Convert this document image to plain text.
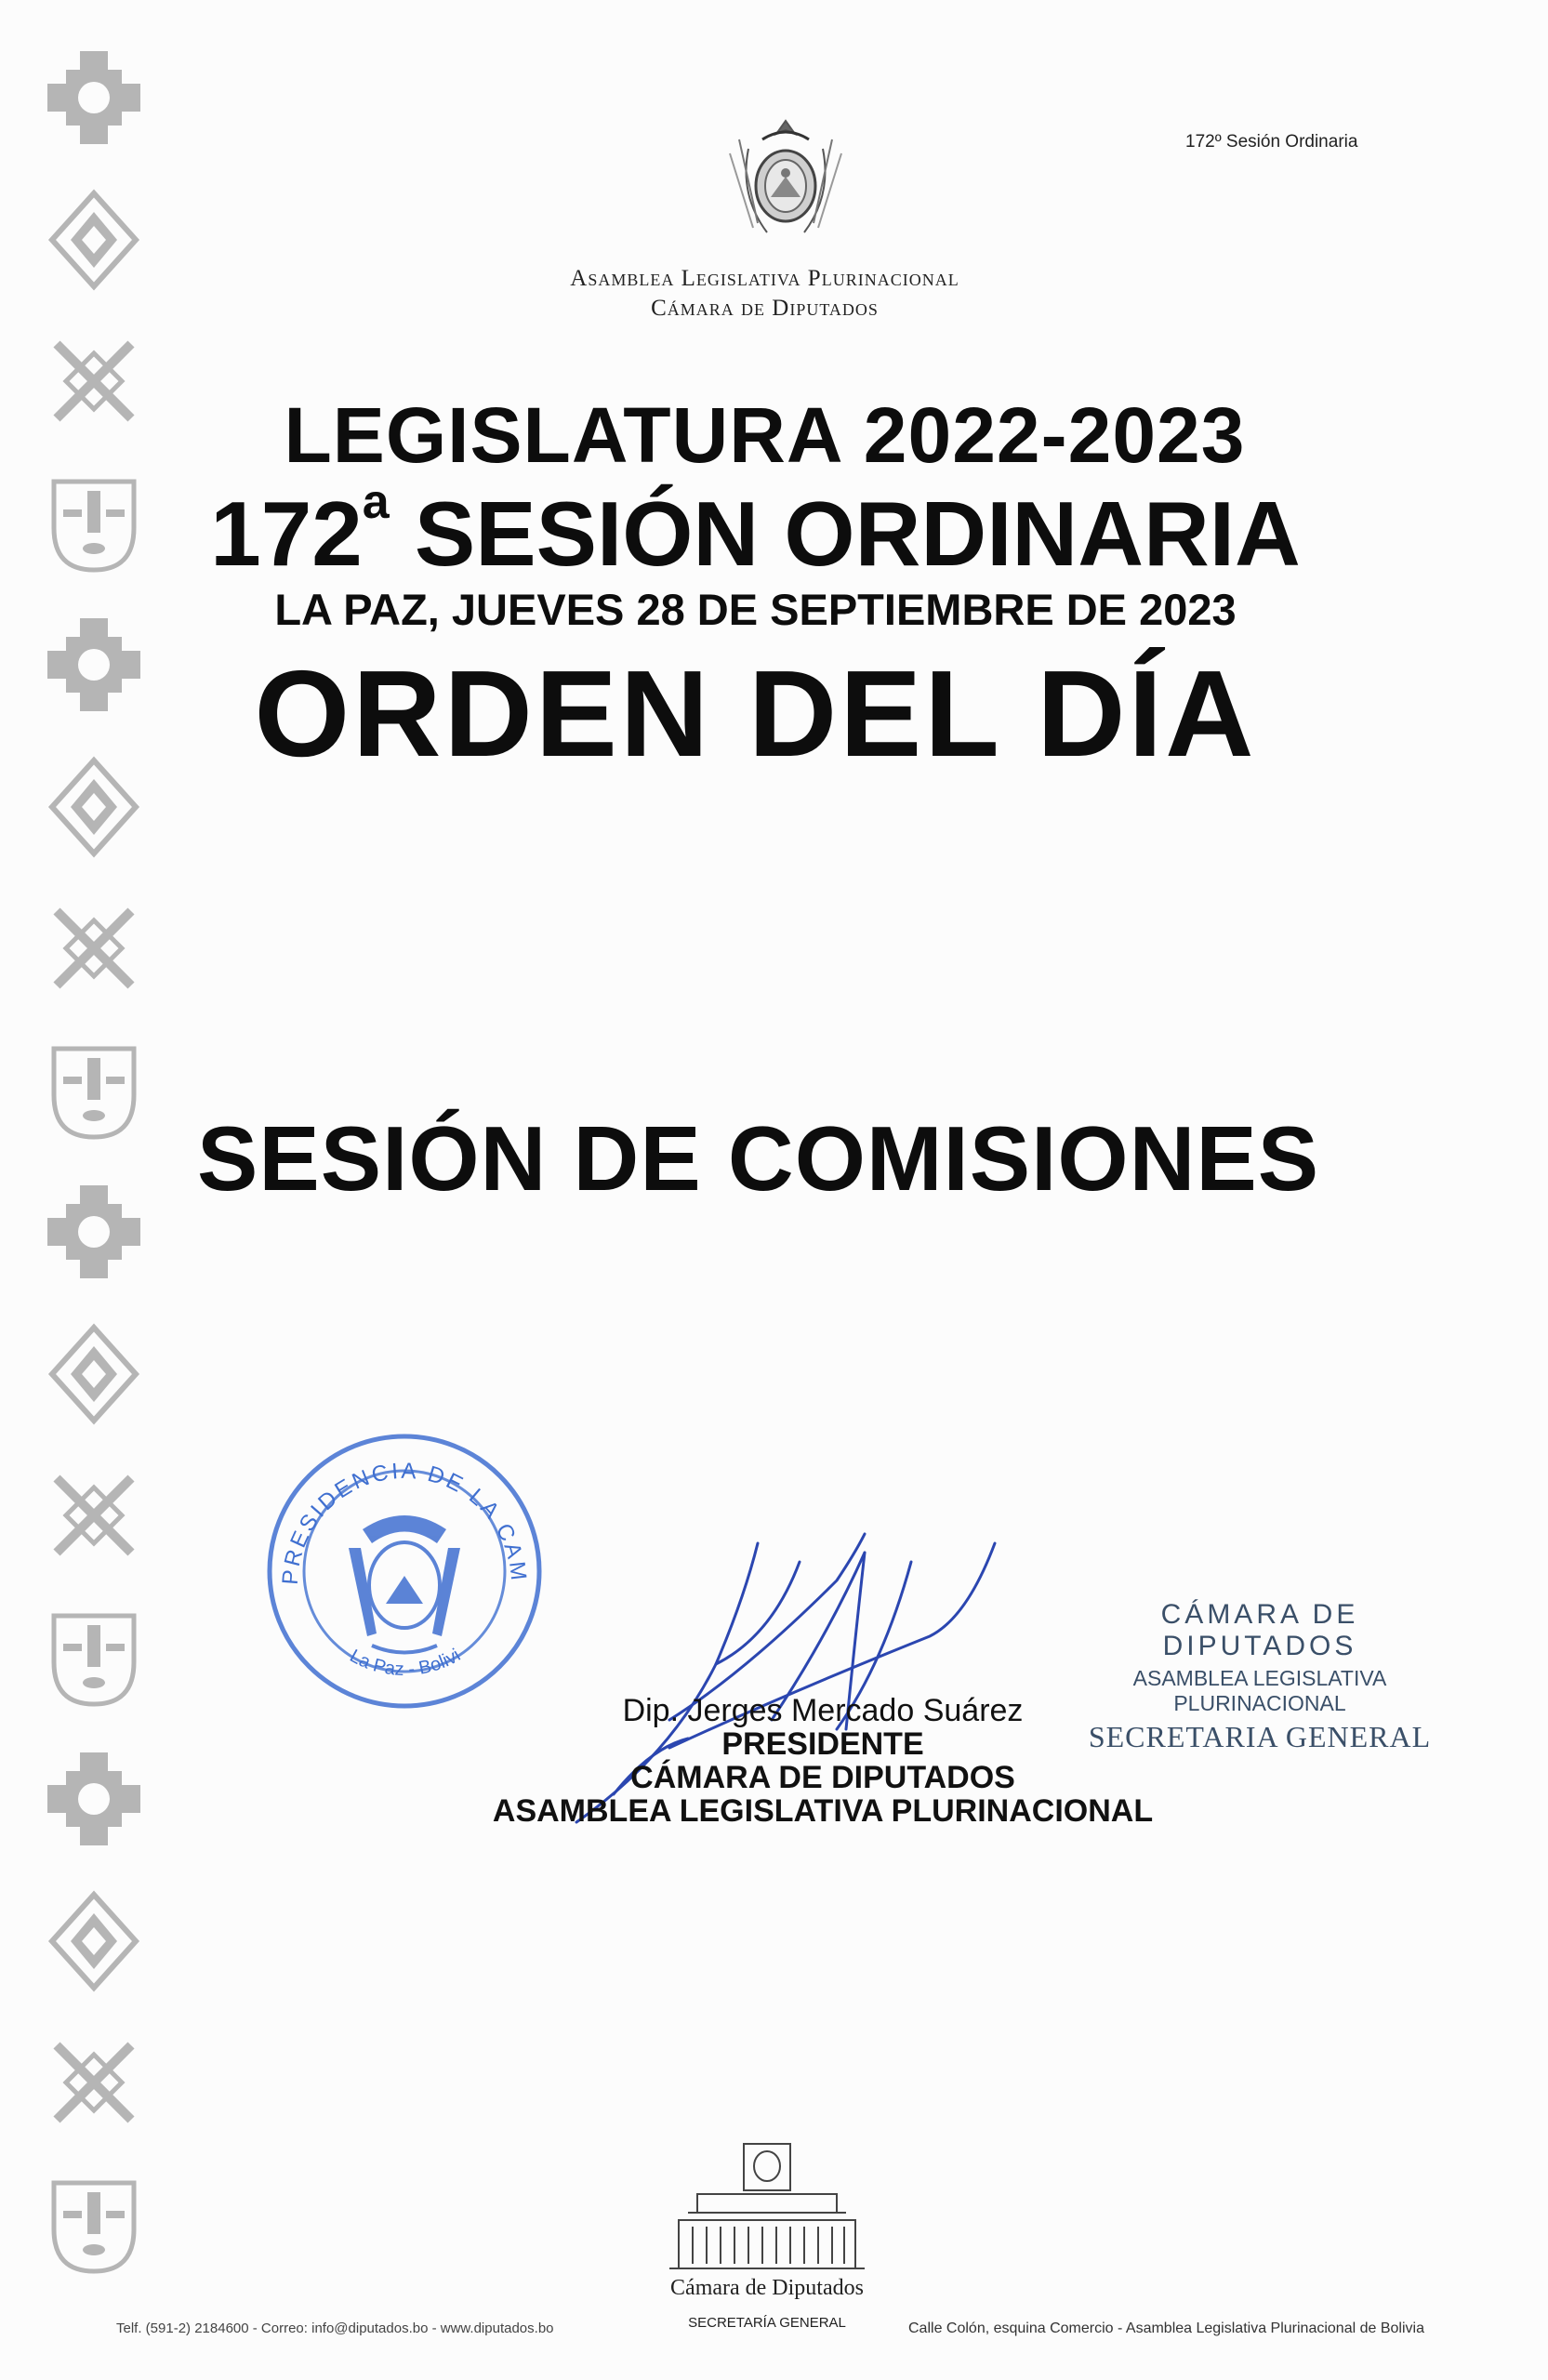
172º Sesión Ordinaria
Asamblea Legislativa Plurinacional
Cámara de Diputados
LEGISLATURA 2022-2023
172$^a$ SESIÓN ORDINARIA
LA PAZ, JUEVES 28 DE SEPTIEMBRE DE 2023
ORDEN DEL DÍA
SESIÓN DE COMISIONES
PRESIDENCIA DE LA CAM
La Paz - Bolivi
Dip. Jerges Mercado Suárez
PRESIDENTE
CÁMARA DE DIPUTADOS
ASAMBLEA LEGISLATIVA PLURINACIONAL
CÁMARA DE DIPUTADOS
ASAMBLEA LEGISLATIVA PLURINACIONAL
SECRETARIA GENERAL
Cámara de Diputados
SECRETARÍA GENERAL
Telf. (591-2) 2184600 - Correo: info@diputados.bo - www.diputados.bo	Calle Colón, esquina Comercio - Asamblea Legislativa Plurinacional de Bolivia
